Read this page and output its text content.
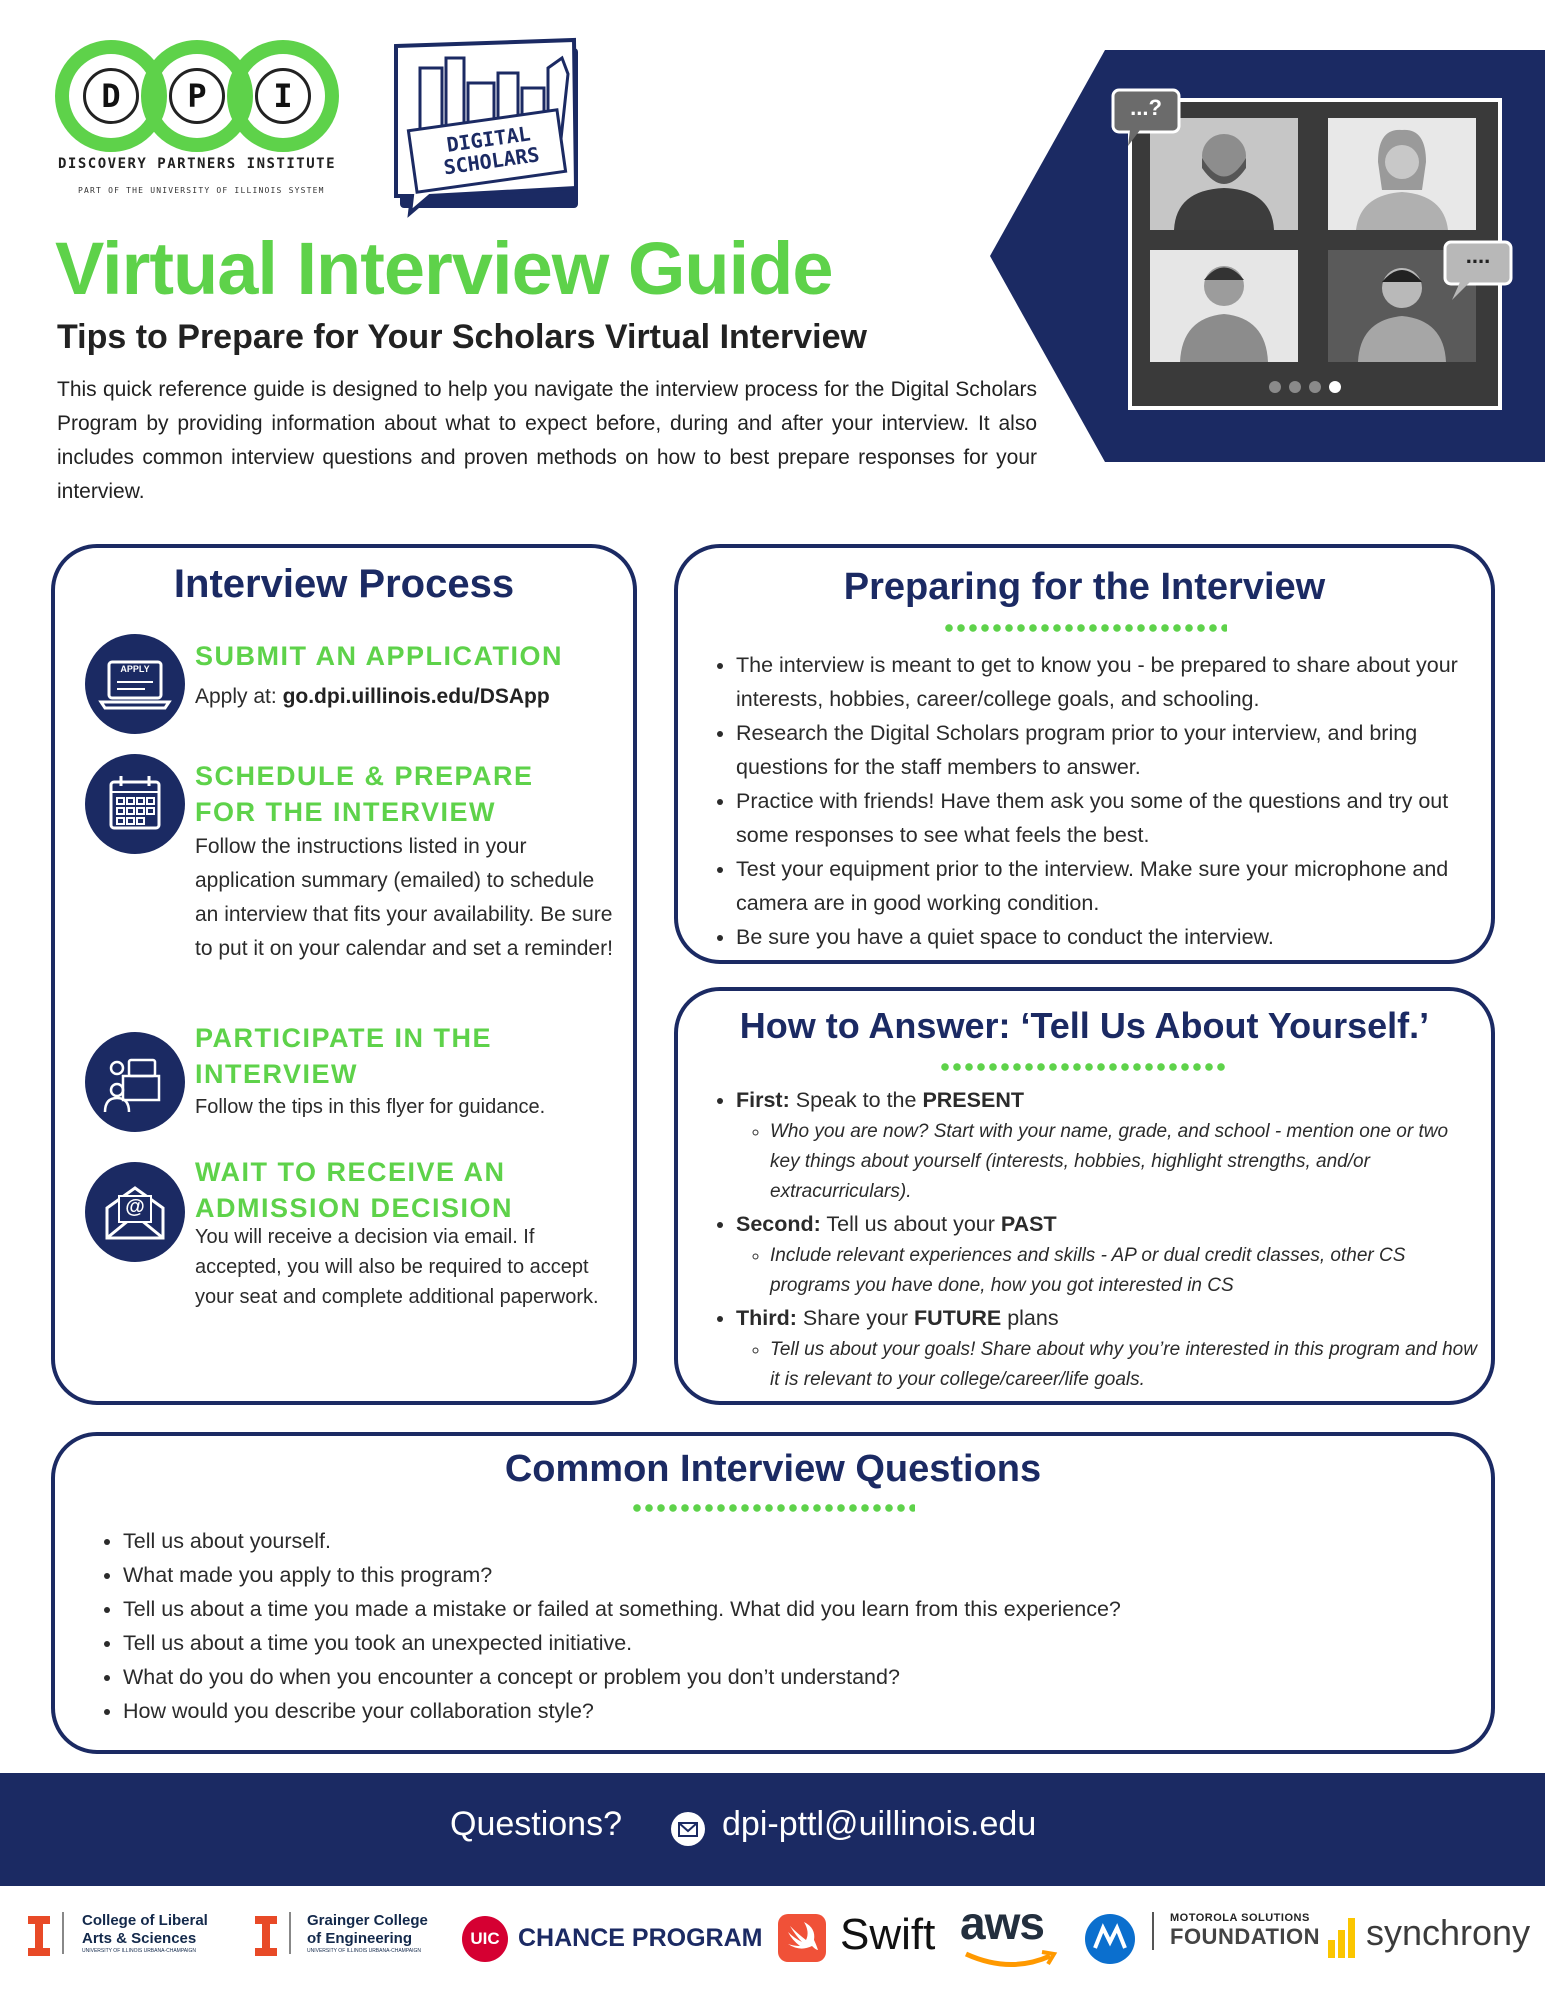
D	P	I
DISCOVERY PARTNERS INSTITUTE
PART OF THE UNIVERSITY OF ILLINOIS SYSTEM
DIGITAL SCHOLARS
Virtual Interview Guide
Tips to Prepare for Your Scholars Virtual Interview
This quick reference guide is designed to help you navigate the interview process for the Digital Scholars Program by providing information about what to expect before, during and after your interview. It also includes common interview questions and proven methods on how to best prepare responses for your interview.
...?
....
Interview Process
APPLY SUBMIT AN APPLICATION
Apply at: go.dpi.uillinois.edu/DSApp
SCHEDULE & PREPARE
FOR THE INTERVIEW
Follow the instructions listed in your application summary (emailed) to schedule an interview that fits your availability. Be sure to put it on your calendar and set a reminder!
PARTICIPATE IN THE
INTERVIEW
Follow the tips in this flyer for guidance.
@
WAIT TO RECEIVE AN
ADMISSION DECISION
You will receive a decision via email. If accepted, you will also be required to accept your seat and complete additional paperwork.
Preparing for the Interview
• The interview is meant to get to know you - be prepared to share about your interests, hobbies, career/college goals, and schooling.
• Research the Digital Scholars program prior to your interview, and bring questions for the staff members to answer.
• Practice with friends! Have them ask you some of the questions and try out some responses to see what feels the best.
• Test your equipment prior to the interview. Make sure your microphone and camera are in good working condition.
• Be sure you have a quiet space to conduct the interview.
How to Answer: ‘Tell Us About Yourself.’
• First: Speak to the PRESENT
◦ Who you are now? Start with your name, grade, and school - mention one or two key things about yourself (interests, hobbies, highlight strengths, and/or extracurriculars).
• Second: Tell us about your PAST
◦ Include relevant experiences and skills - AP or dual credit classes, other CS programs you have done, how you got interested in CS
• Third: Share your FUTURE plans
◦ Tell us about your goals! Share about why you’re interested in this program and how it is relevant to your college/career/life goals.
Common Interview Questions
• Tell us about yourself.
• What made you apply to this program?
• Tell us about a time you made a mistake or failed at something. What did you learn from this experience?
• Tell us about a time you took an unexpected initiative.
• What do you do when you encounter a concept or problem you don’t understand?
• How would you describe your collaboration style?
Questions?	dpi-pttl@uillinois.edu
College of Liberal
Arts & Sciences
UNIVERSITY OF ILLINOIS URBANA-CHAMPAIGN
Grainger College
of Engineering
UNIVERSITY OF ILLINOIS URBANA-CHAMPAIGN
UIC CHANCE PROGRAM Swift aws	MOTOROLA SOLUTIONS
FOUNDATION synchrony
